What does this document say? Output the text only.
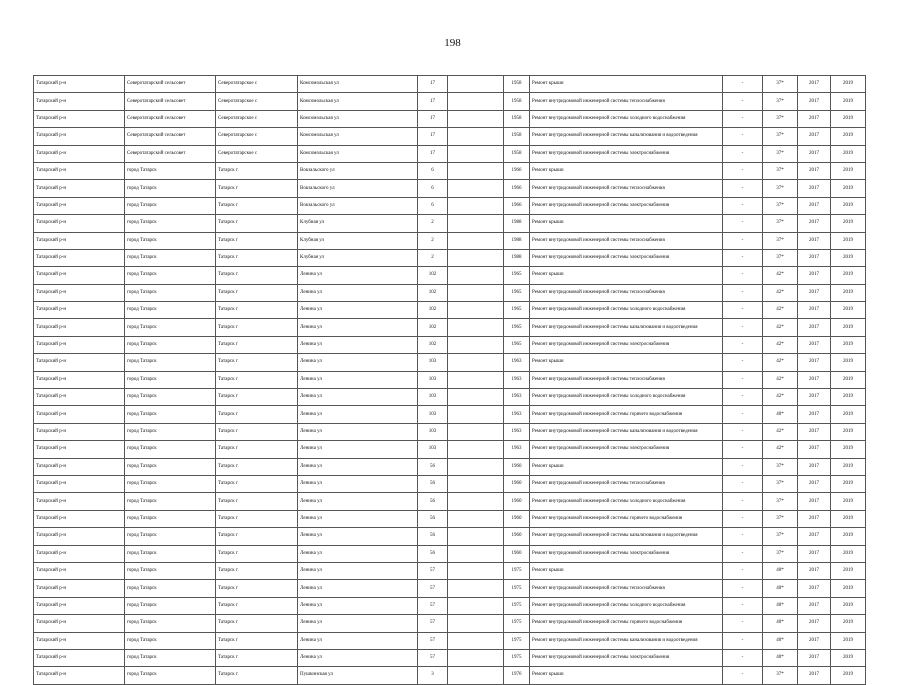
198
Татарский р-н	Северотатарский сельсовет	Северотатарское с	Комсомольская ул	17		1958	Ремонт крыши	-	37*	2017	2019
Татарский р-н	Северотатарский сельсовет	Северотатарское с	Комсомольская ул	17		1958	Ремонт внутридомовой инженерной системы теплоснабжения	-	37*	2017	2019
Татарский р-н	Северотатарский сельсовет	Северотатарское с	Комсомольская ул	17		1958	Ремонт внутридомовой инженерной системы холодного водоснабжения	-	37*	2017	2019
Татарский р-н	Северотатарский сельсовет	Северотатарское с	Комсомольская ул	17		1958	Ремонт внутридомовой инженерной системы канализования и водоотведения	-	37*	2017	2019
Татарский р-н	Северотатарский сельсовет	Северотатарское с	Комсомольская ул	17		1958	Ремонт внутридомовой инженерной системы электроснабжения	-	37*	2017	2019
Татарский р-н	город Татарск	Татарск г	Вокзальского ул	6		1966	Ремонт крыши	-	37*	2017	2019
Татарский р-н	город Татарск	Татарск г	Вокзальского ул	6		1966	Ремонт внутридомовой инженерной системы теплоснабжения	-	37*	2017	2019
Татарский р-н	город Татарск	Татарск г	Вокзальского ул	6		1966	Ремонт внутридомовой инженерной системы электроснабжения	-	37*	2017	2019
Татарский р-н	город Татарск	Татарск г	Клубная ул	2		1988	Ремонт крыши	-	37*	2017	2019
Татарский р-н	город Татарск	Татарск г	Клубная ул	2		1988	Ремонт внутридомовой инженерной системы теплоснабжения	-	37*	2017	2019
Татарский р-н	город Татарск	Татарск г	Клубная ул	2		1988	Ремонт внутридомовой инженерной системы электроснабжения	-	37*	2017	2019
Татарский р-н	город Татарск	Татарск г	Ленина ул	102		1965	Ремонт крыши	-	42*	2017	2019
Татарский р-н	город Татарск	Татарск г	Ленина ул	102		1965	Ремонт внутридомовой инженерной системы теплоснабжения	-	42*	2017	2019
Татарский р-н	город Татарск	Татарск г	Ленина ул	102		1965	Ремонт внутридомовой инженерной системы холодного водоснабжения	-	42*	2017	2019
Татарский р-н	город Татарск	Татарск г	Ленина ул	102		1965	Ремонт внутридомовой инженерной системы канализования и водоотведения	-	42*	2017	2019
Татарский р-н	город Татарск	Татарск г	Ленина ул	102		1965	Ремонт внутридомовой инженерной системы электроснабжения	-	42*	2017	2019
Татарский р-н	город Татарск	Татарск г	Ленина ул	103		1963	Ремонт крыши	-	42*	2017	2019
Татарский р-н	город Татарск	Татарск г	Ленина ул	103		1963	Ремонт внутридомовой инженерной системы теплоснабжения	-	42*	2017	2019
Татарский р-н	город Татарск	Татарск г	Ленина ул	103		1963	Ремонт внутридомовой инженерной системы холодного водоснабжения	-	42*	2017	2019
Татарский р-н	город Татарск	Татарск г	Ленина ул	103		1963	Ремонт внутридомовой инженерной системы горячего водоснабжения	-	40*	2017	2019
Татарский р-н	город Татарск	Татарск г	Ленина ул	103		1963	Ремонт внутридомовой инженерной системы канализования и водоотведения	-	42*	2017	2019
Татарский р-н	город Татарск	Татарск г	Ленина ул	103		1963	Ремонт внутридомовой инженерной системы электроснабжения	-	42*	2017	2019
Татарский р-н	город Татарск	Татарск г	Ленина ул	56		1960	Ремонт крыши	-	37*	2017	2019
Татарский р-н	город Татарск	Татарск г	Ленина ул	56		1960	Ремонт внутридомовой инженерной системы теплоснабжения	-	37*	2017	2019
Татарский р-н	город Татарск	Татарск г	Ленина ул	56		1960	Ремонт внутридомовой инженерной системы холодного водоснабжения	-	37*	2017	2019
Татарский р-н	город Татарск	Татарск г	Ленина ул	56		1960	Ремонт внутридомовой инженерной системы горячего водоснабжения	-	37*	2017	2019
Татарский р-н	город Татарск	Татарск г	Ленина ул	56		1960	Ремонт внутридомовой инженерной системы канализования и водоотведения	-	37*	2017	2019
Татарский р-н	город Татарск	Татарск г	Ленина ул	56		1960	Ремонт внутридомовой инженерной системы электроснабжения	-	37*	2017	2019
Татарский р-н	город Татарск	Татарск г	Ленина ул	57		1975	Ремонт крыши	-	40*	2017	2019
Татарский р-н	город Татарск	Татарск г	Ленина ул	57		1975	Ремонт внутридомовой инженерной системы теплоснабжения	-	40*	2017	2019
Татарский р-н	город Татарск	Татарск г	Ленина ул	57		1975	Ремонт внутридомовой инженерной системы холодного водоснабжения	-	40*	2017	2019
Татарский р-н	город Татарск	Татарск г	Ленина ул	57		1975	Ремонт внутридомовой инженерной системы горячего водоснабжения	-	40*	2017	2019
Татарский р-н	город Татарск	Татарск г	Ленина ул	57		1975	Ремонт внутридомовой инженерной системы канализования и водоотведения	-	40*	2017	2019
Татарский р-н	город Татарск	Татарск г	Ленина ул	57		1975	Ремонт внутридомовой инженерной системы электроснабжения	-	40*	2017	2019
Татарский р-н	город Татарск	Татарск г	Пушкинская ул	3		1976	Ремонт крыши	-	37*	2017	2019
